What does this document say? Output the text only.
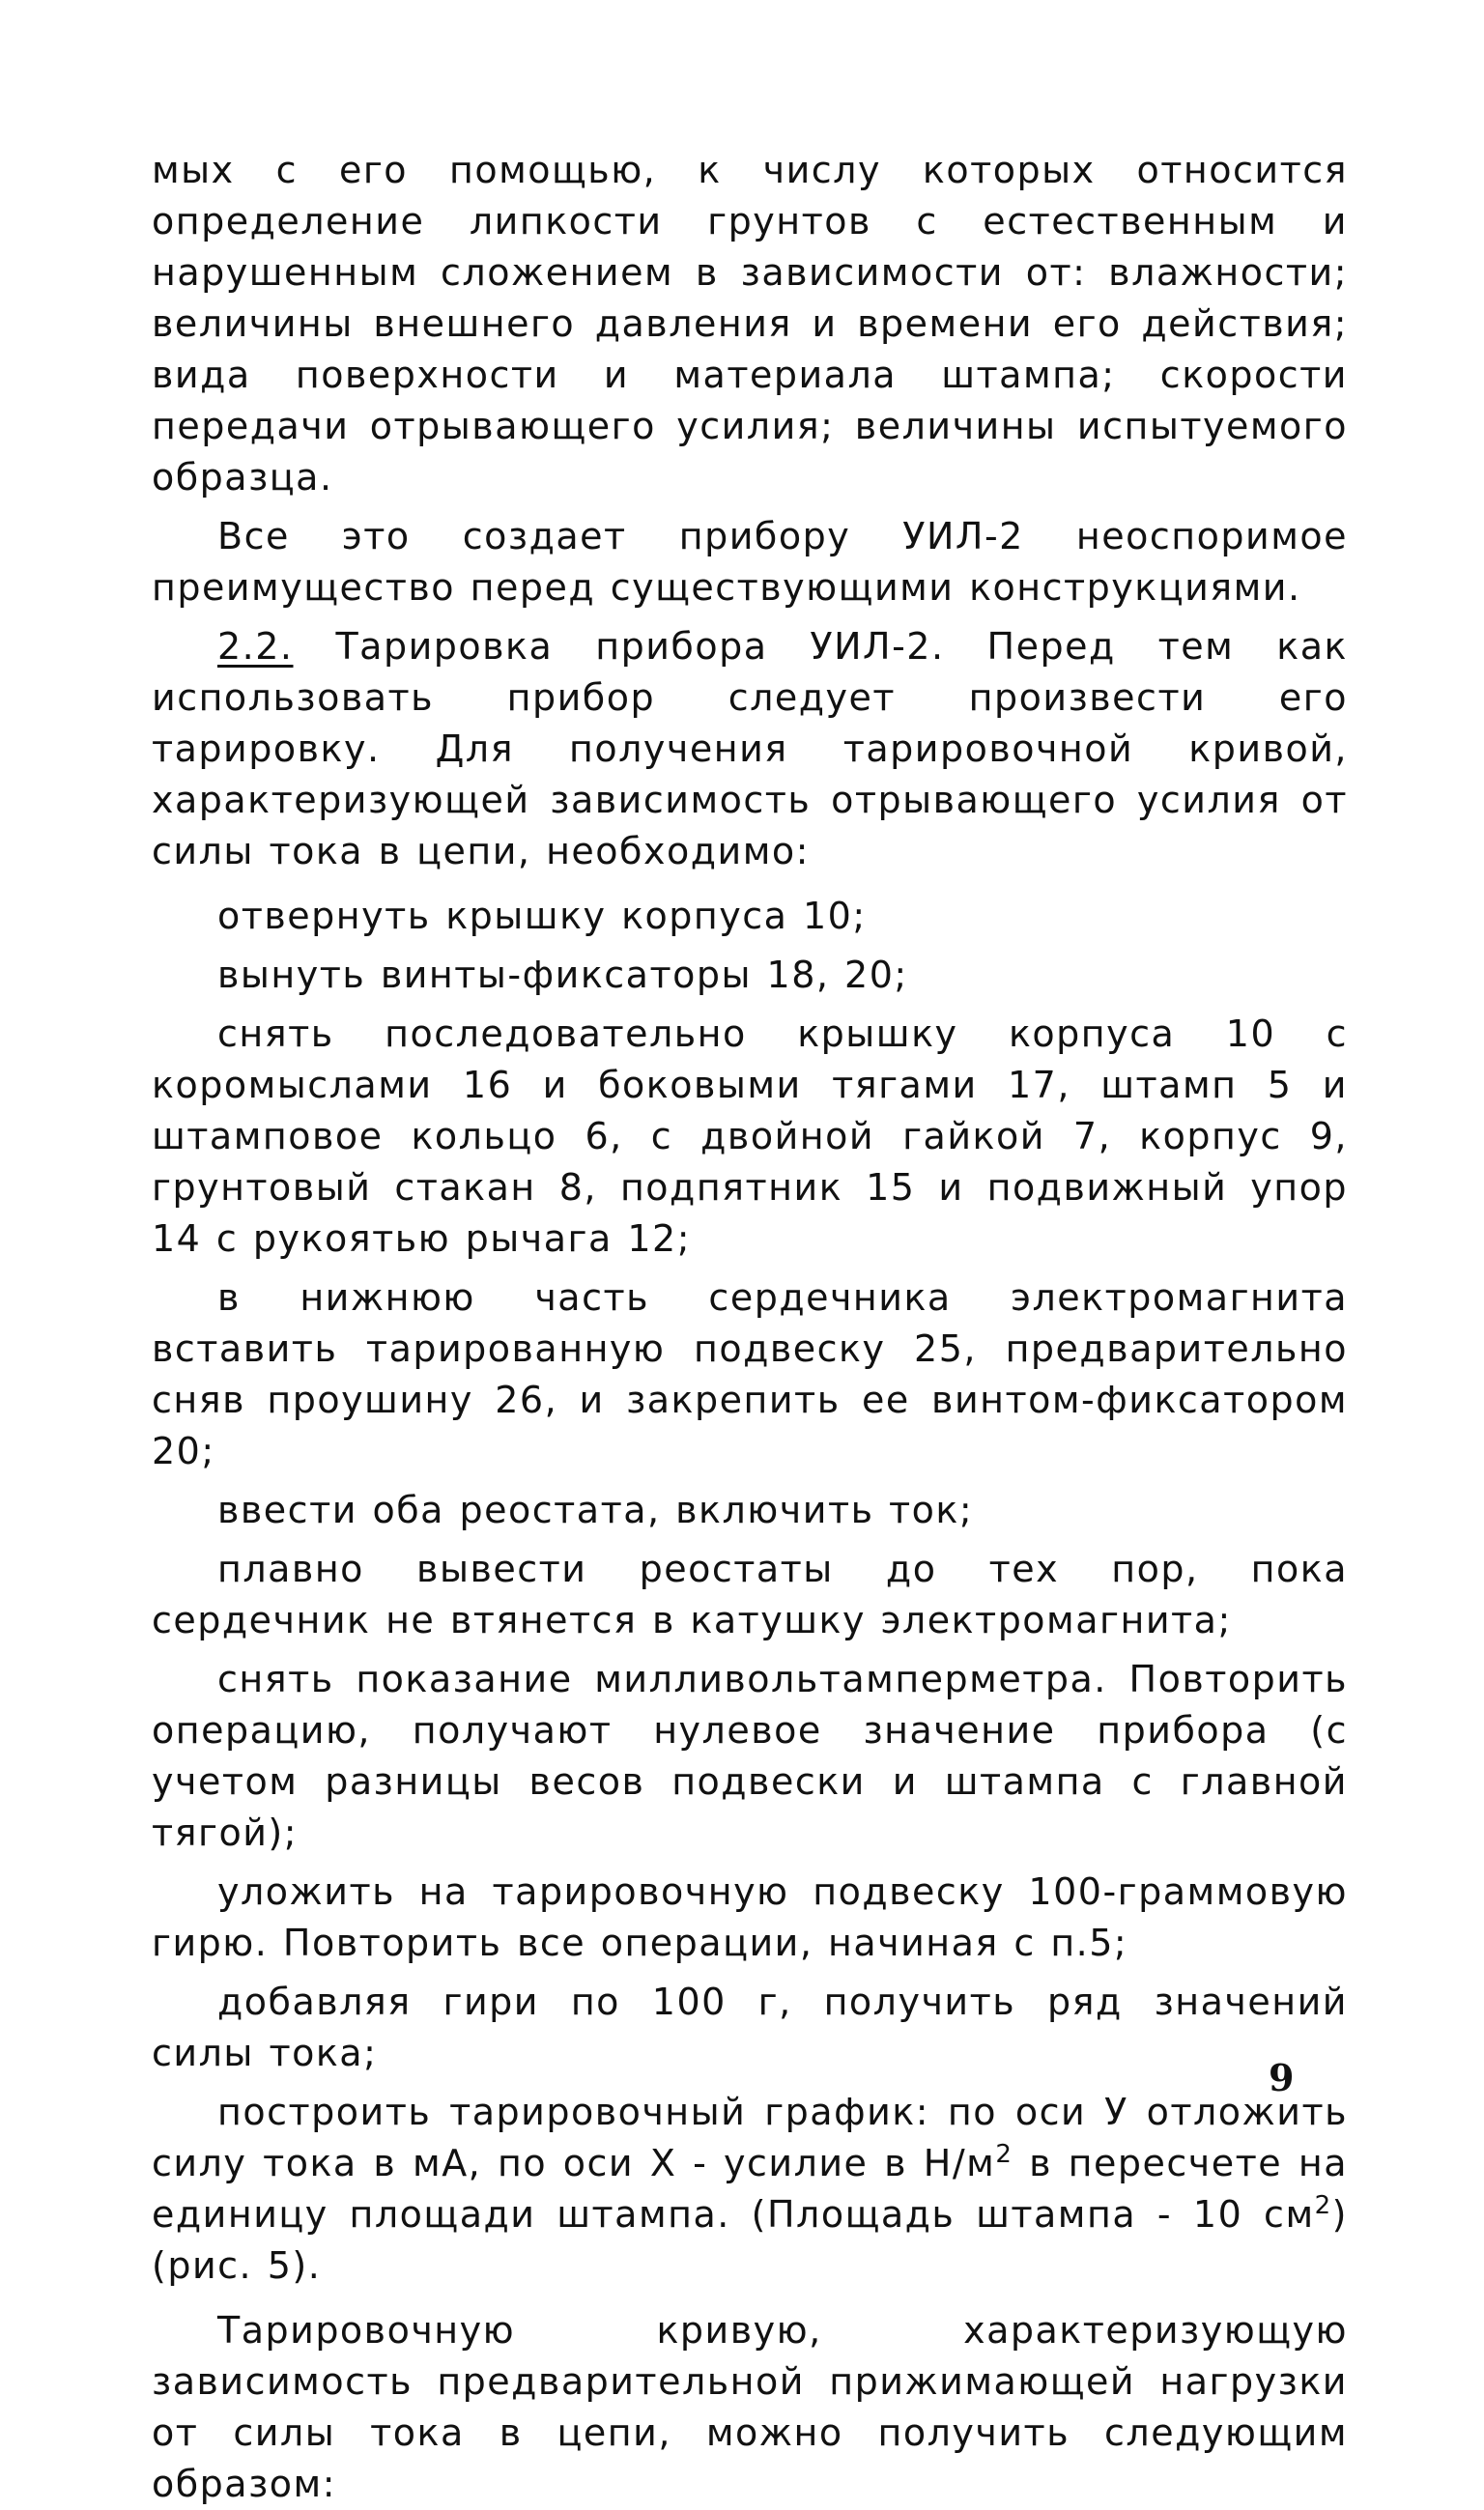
мых с его помощью, к числу которых относится определение липкости грунтов с естественным и нарушенным сложением в зависимости от: влажности; величины внешнего давления и времени его действия; вида поверхности и материала штампа; скорости передачи отрывающего усилия; величины испытуемого образца.

Все это создает прибору УИЛ-2 неоспоримое преимущество перед существующими конструкциями.

2.2. Тарировка прибора УИЛ-2. Перед тем как использовать прибор следует произвести его тарировку. Для получения тарировочной кривой, характеризующей зависимость отрывающего усилия от силы тока в цепи, необходимо:

отвернуть крышку корпуса 10;

вынуть винты-фиксаторы 18, 20;

снять последовательно крышку корпуса 10 с коромыслами 16 и боковыми тягами 17, штамп 5 и штамповое кольцо 6, с двойной гайкой 7, корпус 9, грунтовый стакан 8, подпятник 15 и подвижный упор 14 с рукоятью рычага 12;

в нижнюю часть сердечника электромагнита вставить тарированную подвеску 25, предварительно сняв проушину 26, и закрепить ее винтом-фиксатором 20;

ввести оба реостата, включить ток;

плавно вывести реостаты до тех пор, пока сердечник не втянется в катушку электромагнита;

снять показание милливольтамперметра. Повторить операцию, получают нулевое значение прибора (с учетом разницы весов подвески и штампа с главной тягой);

уложить на тарировочную подвеску 100-граммовую гирю. Повторить все операции, начиная с п.5;

добавляя гири по 100 г, получить ряд значений силы тока;

построить тарировочный график: по оси У отложить силу тока в мА, по оси X - усилие в $Н/м^2$ в пересчете на единицу площади штампа. (Площадь штампа - 10 $см^2$) (рис. 5).

Тарировочную кривую, характеризующую зависимость предварительной прижимающей нагрузки от силы тока в цепи, можно получить следующим образом:

9
